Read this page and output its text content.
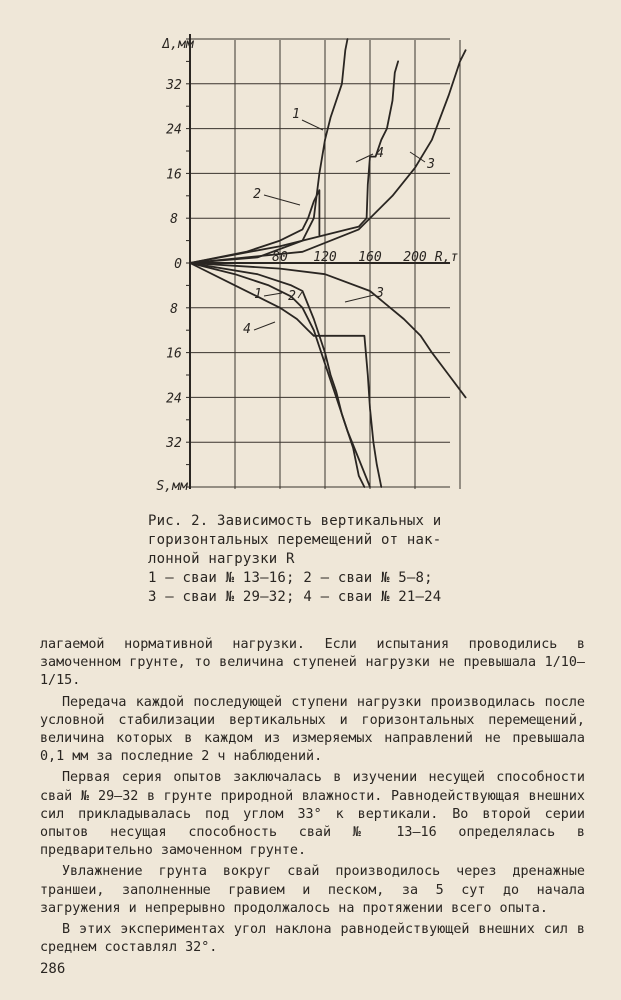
8
16
24
32
8
16
24
32
0	80 120 160 200 R,т
Δ,мм
S,мм
1
2
3
4
1 2	3
4
Рис. 2. Зависимость вертикальных и
горизонтальных перемещений от нак-
лонной нагрузки R
1 – сваи № 13–16; 2 – сваи № 5–8;
3 – сваи № 29–32; 4 – сваи № 21–24

лагаемой нормативной нагрузки. Если испытания проводились в замоченном грунте, то величина ступеней нагрузки не превышала 1/10–1/15.

Передача каждой последующей ступени нагрузки производилась после условной стабилизации вертикальных и горизонтальных перемещений, величина которых в каждом из измеряемых направлений не превышала 0,1 мм за последние 2 ч наблюдений.

Первая серия опытов заключалась в изучении несущей способности свай № 29–32 в грунте природной влажности. Равнодействующая внешних сил прикладывалась под углом 33° к вертикали. Во второй серии опытов несущая способность свай № 13–16 определялась в предварительно замоченном грунте.

Увлажнение грунта вокруг свай производилось через дренажные траншеи, заполненные гравием и песком, за 5 сут до начала загружения и непрерывно продолжалось на протяжении всего опыта.

В этих экспериментах угол наклона равнодействующей внешних сил в среднем составлял 32°.

286
